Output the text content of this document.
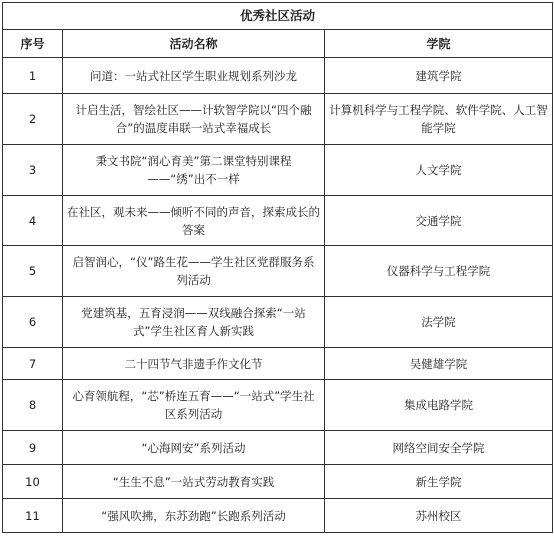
优秀社区活动		
序号	活动名称	学院
1	问道：一站式社区学生职业规划系列沙龙	建筑学院
2	计启生活，智绘社区——计软智学院以“四个融合”的温度串联一站式幸福成长	计算机科学与工程学院、软件学院、人工智能学院
3	秉文书院“润心育美”第二课堂特别课程——“绣”出不一样	人文学院
4	在社区，观未来——倾听不同的声音，探索成长的答案	交通学院
5	启智润心，“仪”路生花——学生社区党群服务系列活动	仪器科学与工程学院
6	党建筑基，五育浸润——双线融合探索“一站式”学生社区育人新实践	法学院
7	二十四节气非遗手作文化节	吴健雄学院
8	心育领航程，“芯”桥连五育——“一站式”学生社区系列活动	集成电路学院
9	“心海网安”系列活动	网络空间安全学院
10	“生生不息”一站式劳动教育实践	新生学院
11	“强风吹拂，东苏劲跑”长跑系列活动	苏州校区
